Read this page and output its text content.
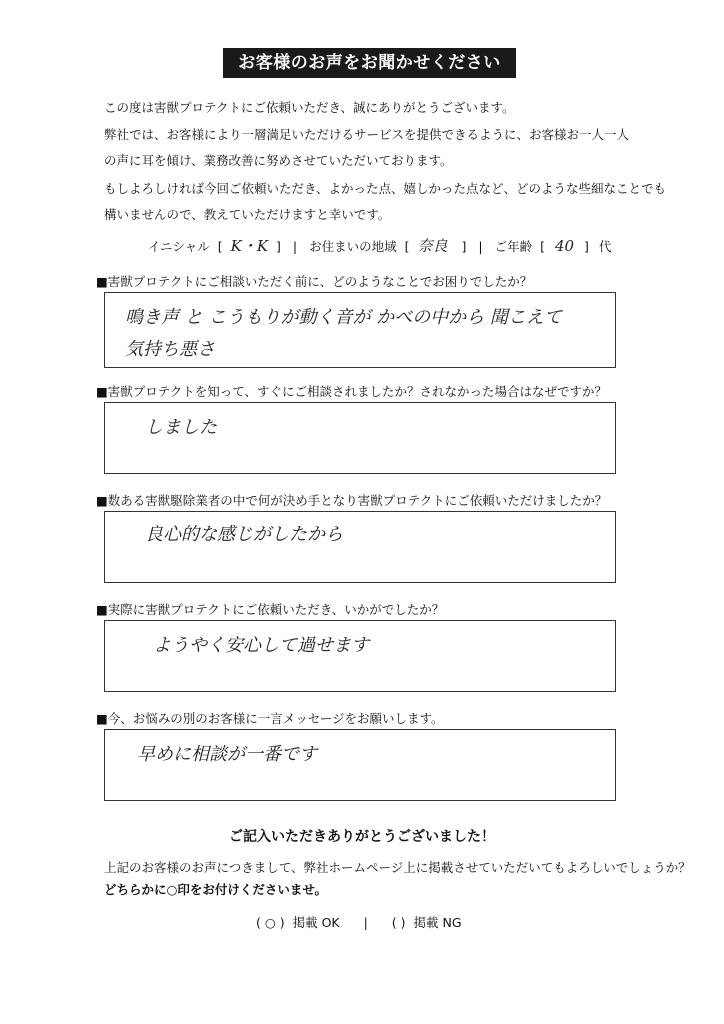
お客様のお声をお聞かせください
この度は害獣プロテクトにご依頼いただき、誠にありがとうございます。
弊社では、お客様により一層満足いただけるサービスを提供できるように、お客様お一人一人
の声に耳を傾け、業務改善に努めさせていただいております。
もしよろしければ今回ご依頼いただき、よかった点、嬉しかった点など、どのような些細なことでも
構いませんので、教えていただけますと幸いです。
イニシャル [ K・K ] | お住まいの地域 [ 奈良 ] | ご年齢 [ 40 ] 代
■害獣プロテクトにご相談いただく前に、どのようなことでお困りでしたか？
鳴き声 と こうもりが動く音が かべの中から 聞こえて
気持ち悪さ
■害獣プロテクトを知って、すぐにご相談されましたか？されなかった場合はなぜですか？
しました
■数ある害獣駆除業者の中で何が決め手となり害獣プロテクトにご依頼いただけましたか？
良心的な感じがしたから
■実際に害獣プロテクトにご依頼いただき、いかがでしたか？
ようやく安心して過せます
■今、お悩みの別のお客様に一言メッセージをお願いします。
早めに相談が一番です
ご記入いただきありがとうございました！
上記のお客様のお声につきまして、弊社ホームページ上に掲載させていただいてもよろしいでしょうか？
どちらかに○印をお付けくださいませ。
( ○ ) 掲載 OK | ( ) 掲載 NG
